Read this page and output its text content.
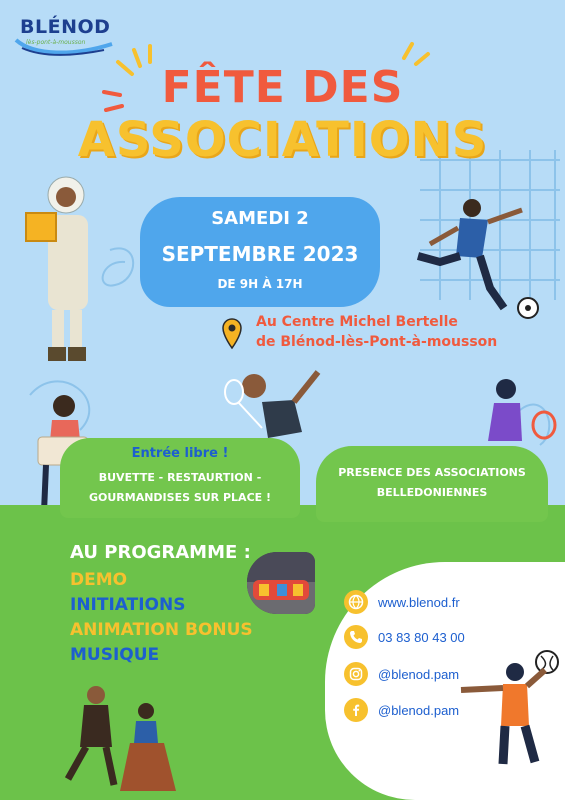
BLÉNOD
lès-pont-à-mousson
FÊTE DES
ASSOCIATIONS
SAMEDI 2
SEPTEMBRE 2023
DE 9H À 17H
Au Centre Michel Bertelle
de Blénod-lès-Pont-à-mousson
Entrée libre !
BUVETTE - RESTAURTION -
GOURMANDISES SUR PLACE !
PRESENCE DES ASSOCIATIONS
BELLEDONIENNES
AU PROGRAMME :
DEMO
INITIATIONS
ANIMATION BONUS
MUSIQUE
www.blenod.fr
03 83 80 43 00
@blenod.pam
@blenod.pam
